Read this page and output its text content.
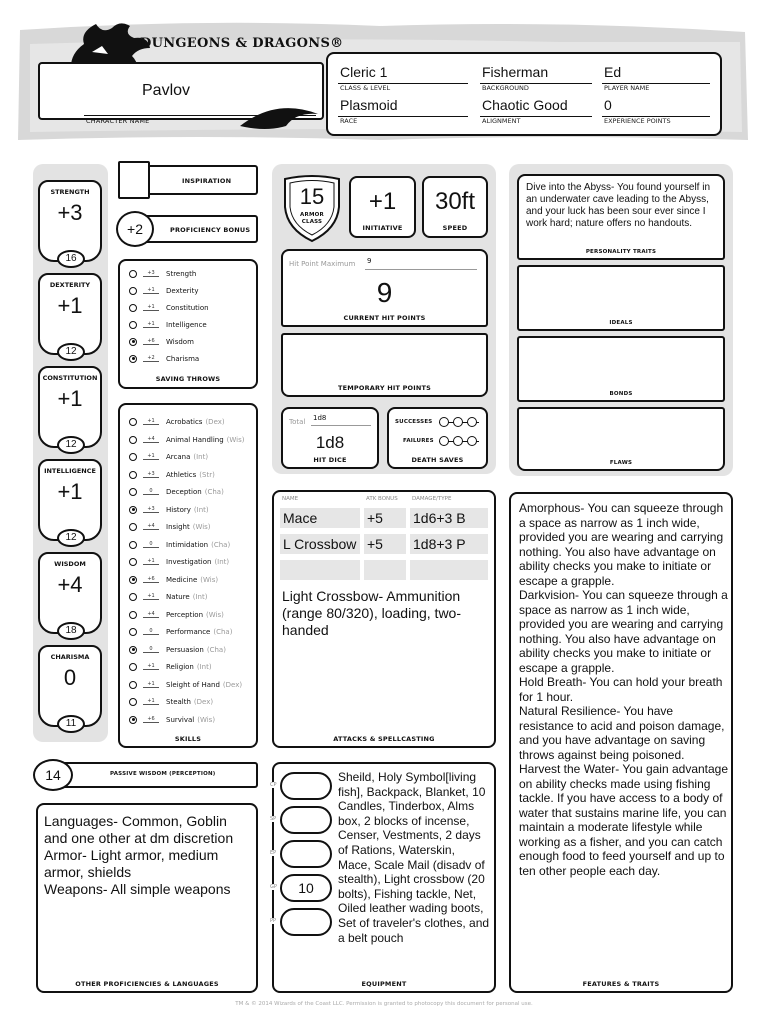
DUNGEONS & DRAGONS®
Pavlov
CHARACTER NAME
Cleric 1
CLASS & LEVEL
Fisherman
BACKGROUND
Ed
PLAYER NAME
Plasmoid
RACE
Chaotic Good
ALIGNMENT
0
EXPERIENCE POINTS
STRENGTH
+3
16
DEXTERITY
+1
12
CONSTITUTION
+1
12
INTELLIGENCE
+1
12
WISDOM
+4
18
CHARISMA
0
11
INSPIRATION
+2	PROFICIENCY BONUS
+3	Strength
+1	Dexterity
+1	Constitution
+1	Intelligence
+6	Wisdom
+2	Charisma
SAVING THROWS
+1	Acrobatics (Dex)
+4	Animal Handling (Wis)
+1	Arcana (Int)
+3	Athletics (Str)
0	Deception (Cha)
+3	History (Int)
+4	Insight (Wis)
0	Intimidation (Cha)
+1	Investigation (Int)
+6	Medicine (Wis)
+1	Nature (Int)
+4	Perception (Wis)
0	Performance (Cha)
0	Persuasion (Cha)
+1	Religion (Int)
+1	Sleight of Hand (Dex)
+1	Stealth (Dex)
+6	Survival (Wis)
SKILLS
14	PASSIVE WISDOM (PERCEPTION)
Languages- Common, Goblin and one other at dm discretion
Armor- Light armor, medium armor, shields
Weapons- All simple weapons
OTHER PROFICIENCIES & LANGUAGES
15
ARMOR CLASS
+1
INITIATIVE
30ft
SPEED
Hit Point Maximum 9
9
CURRENT HIT POINTS
TEMPORARY HIT POINTS
Total 1d8
1d8
HIT DICE
SUCCESSES
FAILURES
DEATH SAVES
NAME	ATK BONUS	DAMAGE/TYPE
Mace	+5	1d6+3 B
L Crossbow +5	1d8+3 P
Light Crossbow- Ammunition (range 80/320), loading, two-handed
ATTACKS & SPELLCASTING
CP
SP
EP
10
GP
PP
Sheild, Holy Symbol[living fish], Backpack, Blanket, 10 Candles, Tinderbox, Alms box, 2 blocks of incense, Censer, Vestments, 2 days of Rations, Waterskin, Mace, Scale Mail (disadv of stealth), Light crossbow (20 bolts), Fishing tackle, Net, Oiled leather wading boots, Set of traveler's clothes, and a belt pouch
EQUIPMENT
Dive into the Abyss- You found yourself in an underwater cave leading to the Abyss, and your luck has been sour ever since I work hard; nature offers no handouts.
PERSONALITY TRAITS
IDEALS
BONDS
FLAWS
Amorphous- You can squeeze through a space as narrow as 1 inch wide, provided you are wearing and carrying nothing. You also have advantage on ability checks you make to initiate or escape a grapple.
Darkvision- You can squeeze through a space as narrow as 1 inch wide, provided you are wearing and carrying nothing. You also have advantage on ability checks you make to initiate or escape a grapple.
Hold Breath- You can hold your breath for 1 hour.
Natural Resilience- You have resistance to acid and poison damage, and you have advantage on saving throws against being poisoned.
Harvest the Water- You gain advantage on ability checks made using fishing tackle. If you have access to a body of water that sustains marine life, you can maintain a moderate lifestyle while working as a fisher, and you can catch enough food to feed yourself and up to ten other people each day.
FEATURES & TRAITS
TM & © 2014 Wizards of the Coast LLC. Permission is granted to photocopy this document for personal use.
